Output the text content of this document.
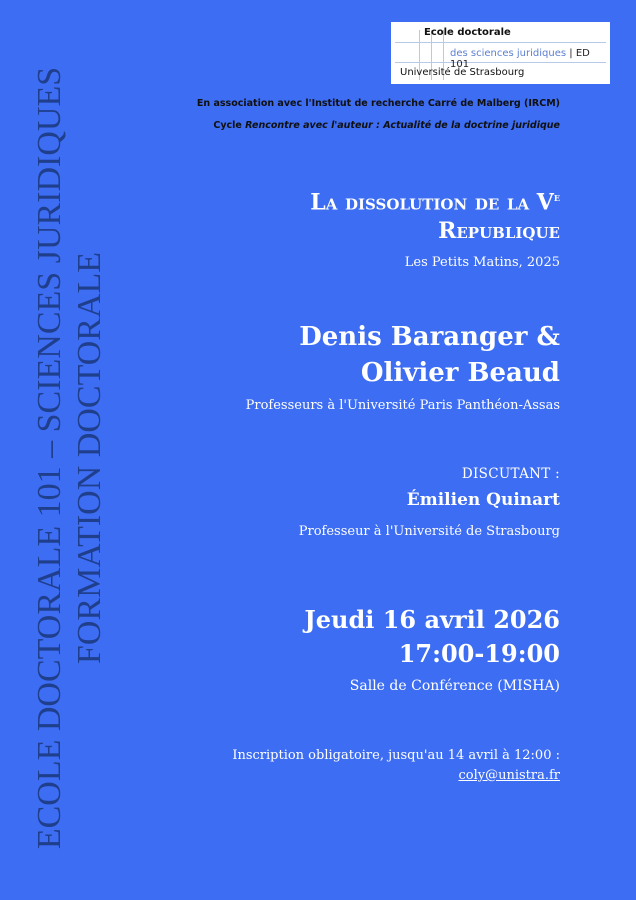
ECOLE DOCTORALE 101 – SCIENCES JURIDIQUES FORMATION DOCTORALE
Ecole doctorale
des sciences juridiques | ED 101
Université de Strasbourg
En association avec l'Institut de recherche Carré de Malberg (IRCM)
Cycle Rencontre avec l'auteur : Actualité de la doctrine juridique
La dissolution de la Ve
Republique
Les Petits Matins, 2025
Denis Baranger &
Olivier Beaud
Professeurs à l'Université Paris Panthéon-Assas
DISCUTANT :
Émilien Quinart
Professeur à l'Université de Strasbourg
Jeudi 16 avril 2026
17:00-19:00
Salle de Conférence (MISHA)
Inscription obligatoire, jusqu'au 14 avril à 12:00 :
coly@unistra.fr
